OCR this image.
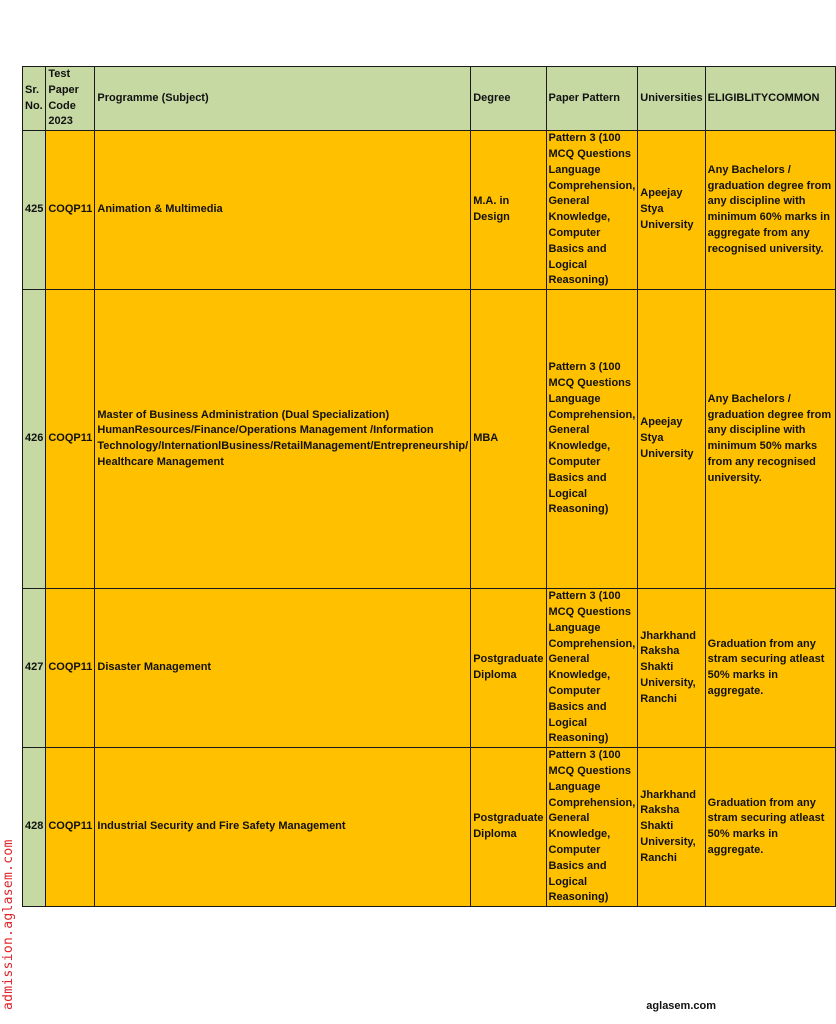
Sr. No.	Test Paper Code 2023	Programme (Subject)	Degree	Paper Pattern	Universities	ELIGIBLITY COMMON

425	COQP11	Animation & Multimedia	M.A. in Design	Pattern 3 (100 MCQ Questions Language Comprehension, General Knowledge, Computer Basics and Logical Reasoning)	Apeejay Stya University	Any Bachelors / graduation degree from any discipline with minimum 60% marks in aggregate from any recognised university.
426	COQP11	Master of Business Administration (Dual Specialization) HumanResources/Finance/Operations Management /Information Technology/InternationlBusiness/RetailManagement/Entrepreneurship/ Healthcare Management	MBA	Pattern 3 (100 MCQ Questions Language Comprehension, General Knowledge, Computer Basics and Logical Reasoning)	Apeejay Stya University	Any Bachelors / graduation degree from any discipline with minimum 50% marks from any recognised university.
427	COQP11	Disaster Management	Postgraduate Diploma	Pattern 3 (100 MCQ Questions Language Comprehension, General Knowledge, Computer Basics and Logical Reasoning)	Jharkhand Raksha Shakti University, Ranchi	Graduation from any stram securing atleast 50% marks in aggregate.
428	COQP11	Industrial Security and Fire Safety Management	Postgraduate Diploma	Pattern 3 (100 MCQ Questions Language Comprehension, General Knowledge, Computer Basics and Logical Reasoning)	Jharkhand Raksha Shakti University, Ranchi	Graduation from any stram securing atleast 50% marks in aggregate.
admission.aglasem.com	aglasem.com
